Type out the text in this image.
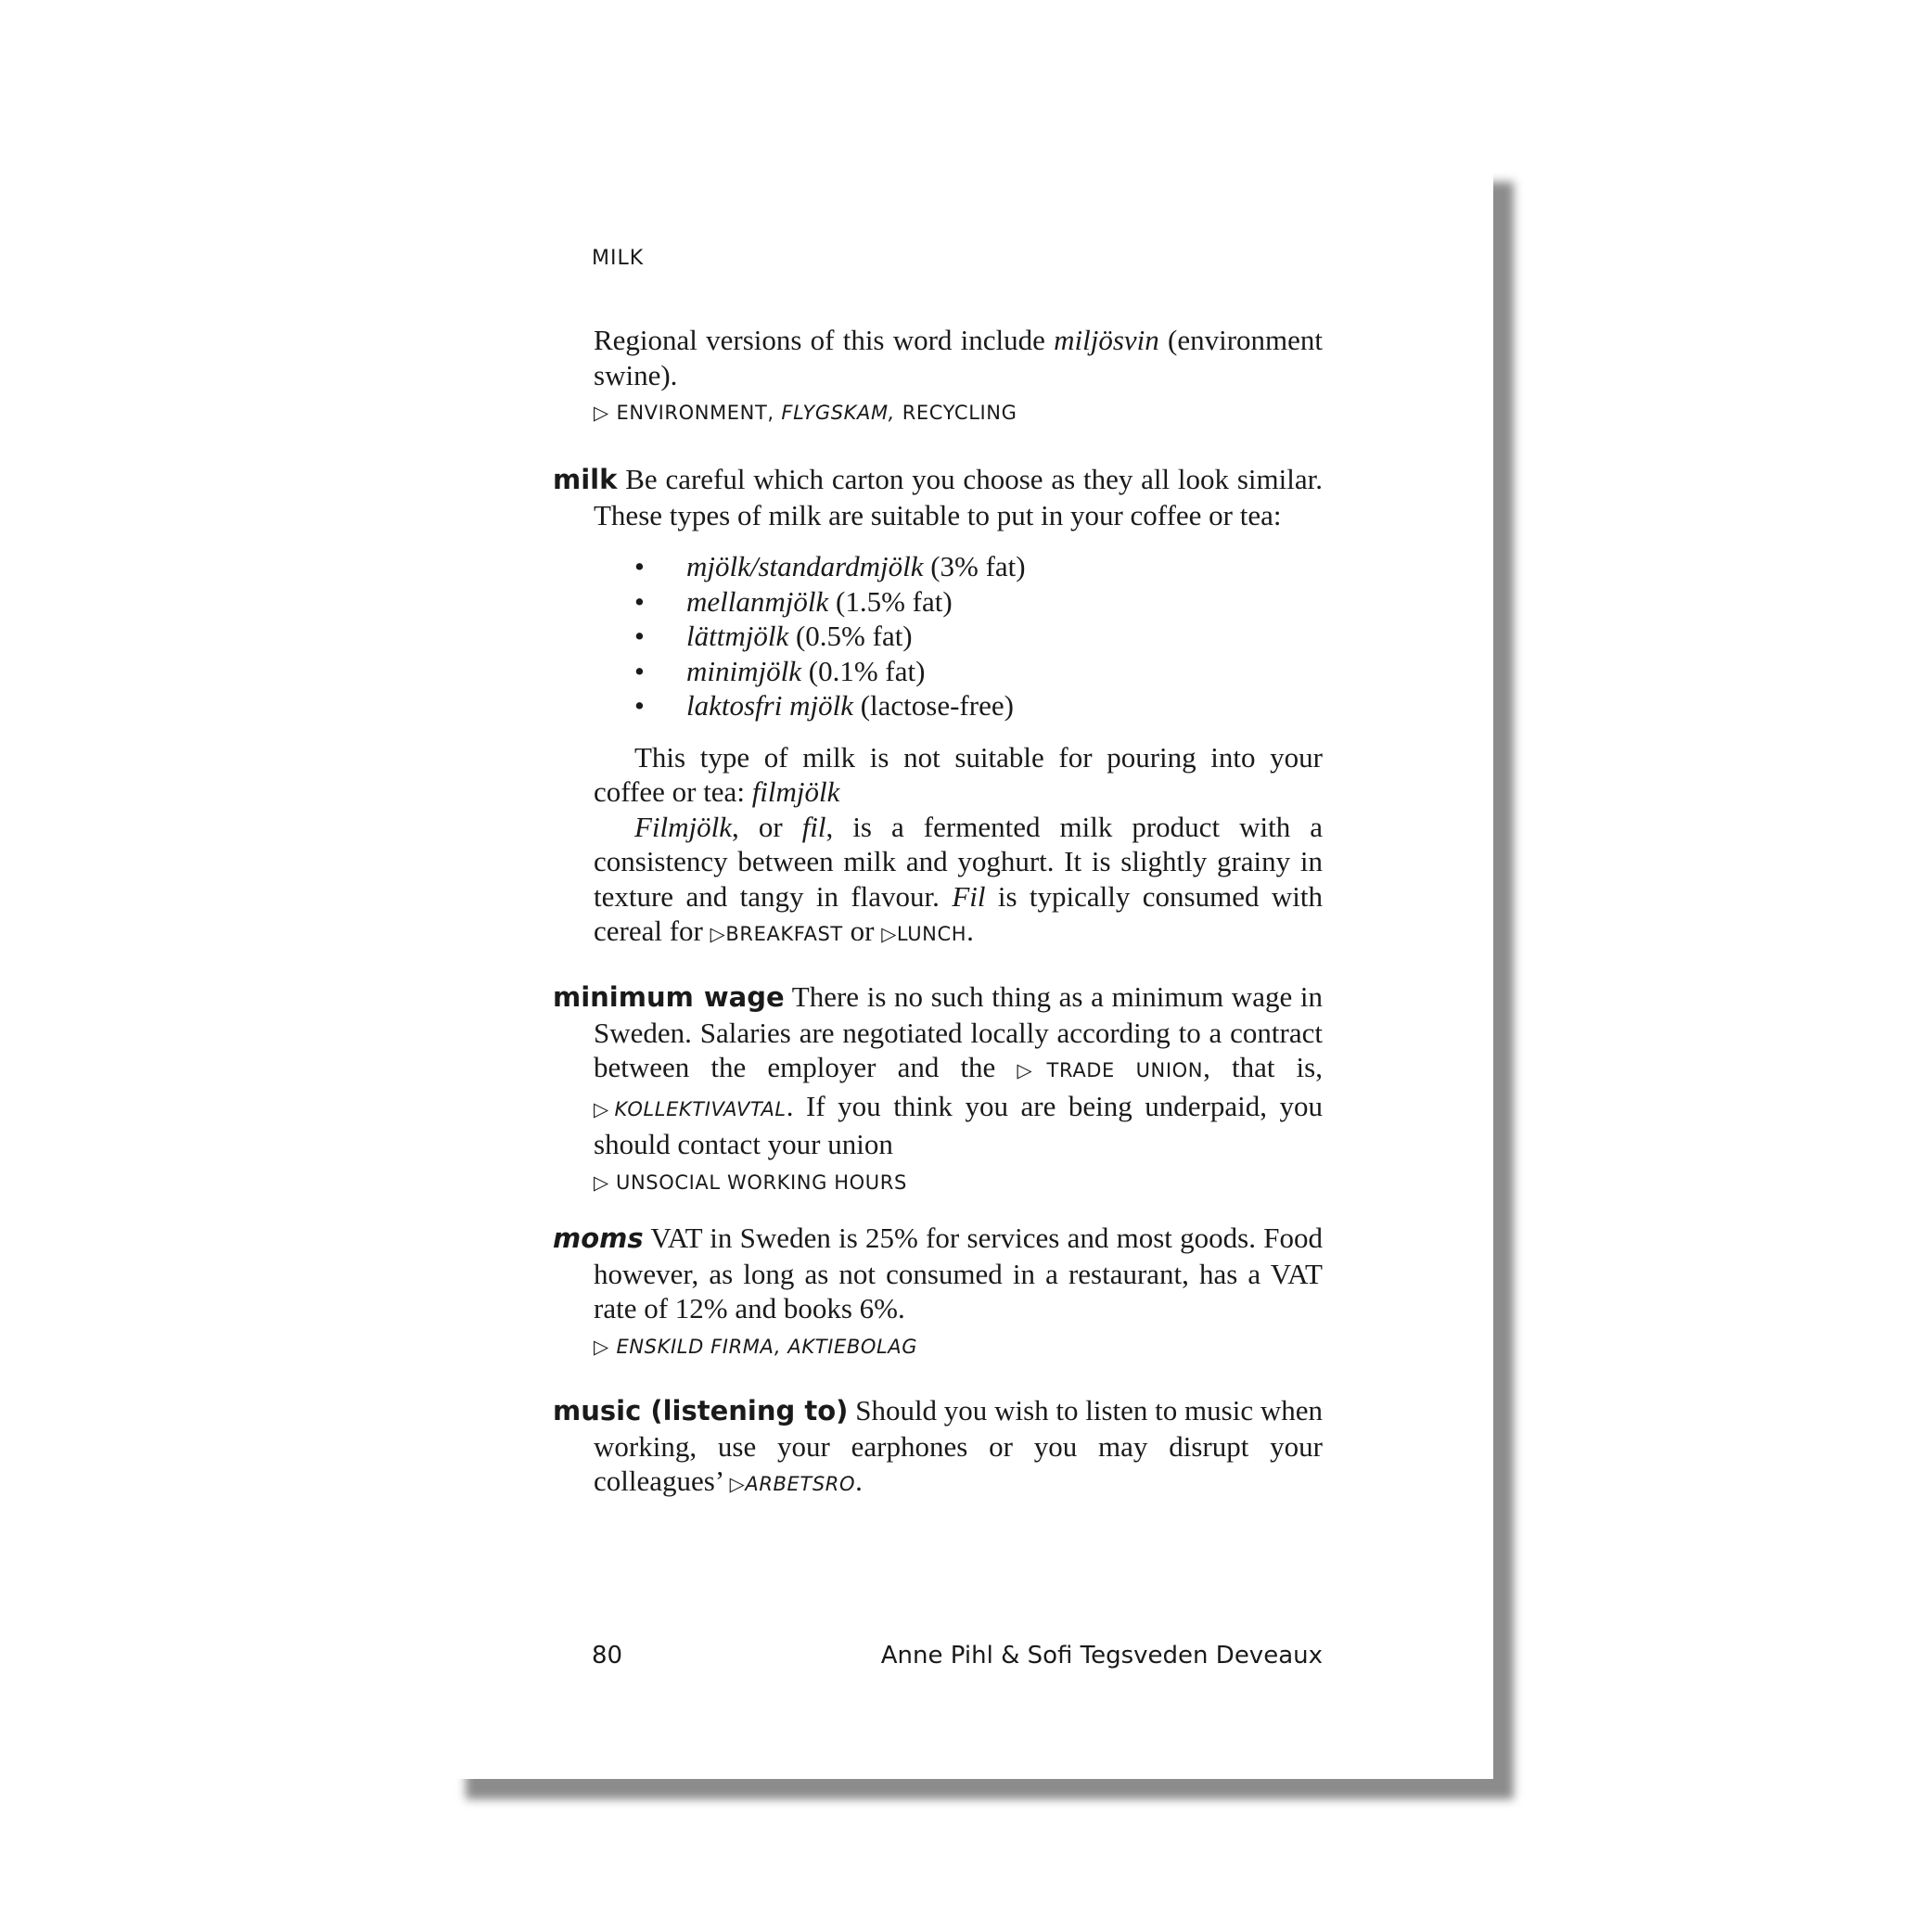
MILK

Regional versions of this word include miljösvin (environment swine).

▷ ENVIRONMENT, FLYGSKAM, RECYCLING

milk Be careful which carton you choose as they all look similar. These types of milk are suitable to put in your coffee or tea:

• mjölk/standardmjölk (3% fat)
• mellanmjölk (1.5% fat)
• lättmjölk (0.5% fat)
• minimjölk (0.1% fat)
• laktosfri mjölk (lactose-free)

This type of milk is not suitable for pouring into your coffee or tea: filmjölk

Filmjölk, or fil, is a fermented milk product with a consistency between milk and yoghurt. It is slightly grainy in texture and tangy in flavour. Fil is typically consumed with cereal for ▷BREAKFAST or ▷LUNCH.

minimum wage There is no such thing as a minimum wage in Sweden. Salaries are negotiated locally according to a contract between the employer and the ▷TRADE UNION, that is, ▷KOLLEKTIVAVTAL. If you think you are being underpaid, you should contact your union

▷ UNSOCIAL WORKING HOURS

moms VAT in Sweden is 25% for services and most goods. Food however, as long as not consumed in a restaurant, has a VAT rate of 12% and books 6%.

▷ ENSKILD FIRMA, AKTIEBOLAG

music (listening to) Should you wish to listen to music when working, use your earphones or you may disrupt your colleagues’ ▷ARBETSRO.

80	Anne Pihl & Sofi Tegsveden Deveaux
